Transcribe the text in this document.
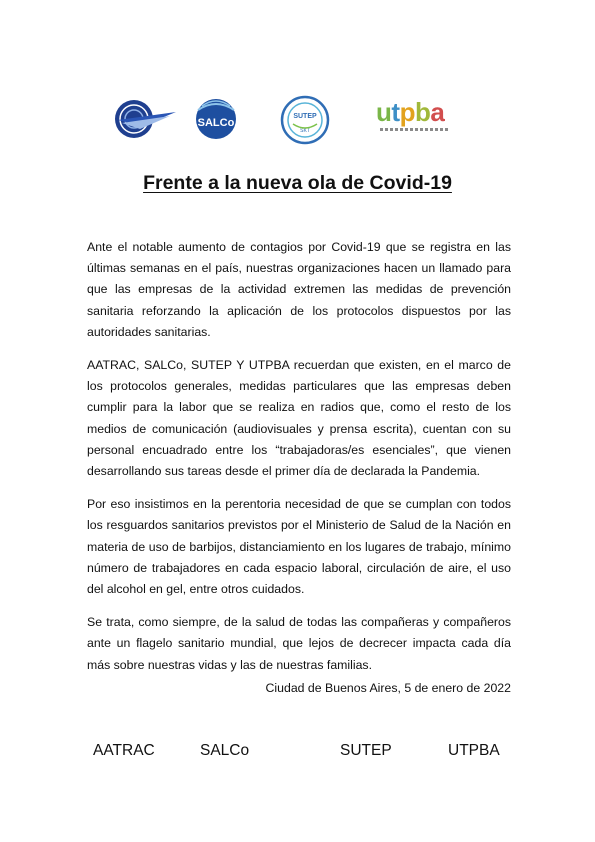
SALCo
SUTEP
SKT
utpba
Frente a la nueva ola de Covid-19

Ante el notable aumento de contagios por Covid-19 que se registra en las últimas semanas en el país, nuestras organizaciones hacen un llamado para que las empresas de la actividad extremen las medidas de prevención sanitaria reforzando la aplicación de los protocolos dispuestos por las autoridades sanitarias.

AATRAC, SALCo, SUTEP Y UTPBA recuerdan que existen, en el marco de los protocolos generales, medidas particulares que las empresas deben cumplir para la labor que se realiza en radios que, como el resto de los medios de comunicación (audiovisuales y prensa escrita), cuentan con su personal encuadrado entre los “trabajadoras/es esenciales”, que vienen desarrollando sus tareas desde el primer día de declarada la Pandemia.

Por eso insistimos en la perentoria necesidad de que se cumplan con todos los resguardos sanitarios previstos por el Ministerio de Salud de la Nación en materia de uso de barbijos, distanciamiento en los lugares de trabajo, mínimo número de trabajadores en cada espacio laboral, circulación de aire, el uso del alcohol en gel, entre otros cuidados.

Se trata, como siempre, de la salud de todas las compañeras y compañeros ante un flagelo sanitario mundial, que lejos de decrecer impacta cada día más sobre nuestras vidas y las de nuestras familias.

Ciudad de Buenos Aires, 5 de enero de 2022
AATRAC	SALCo	SUTEP	UTPBA
